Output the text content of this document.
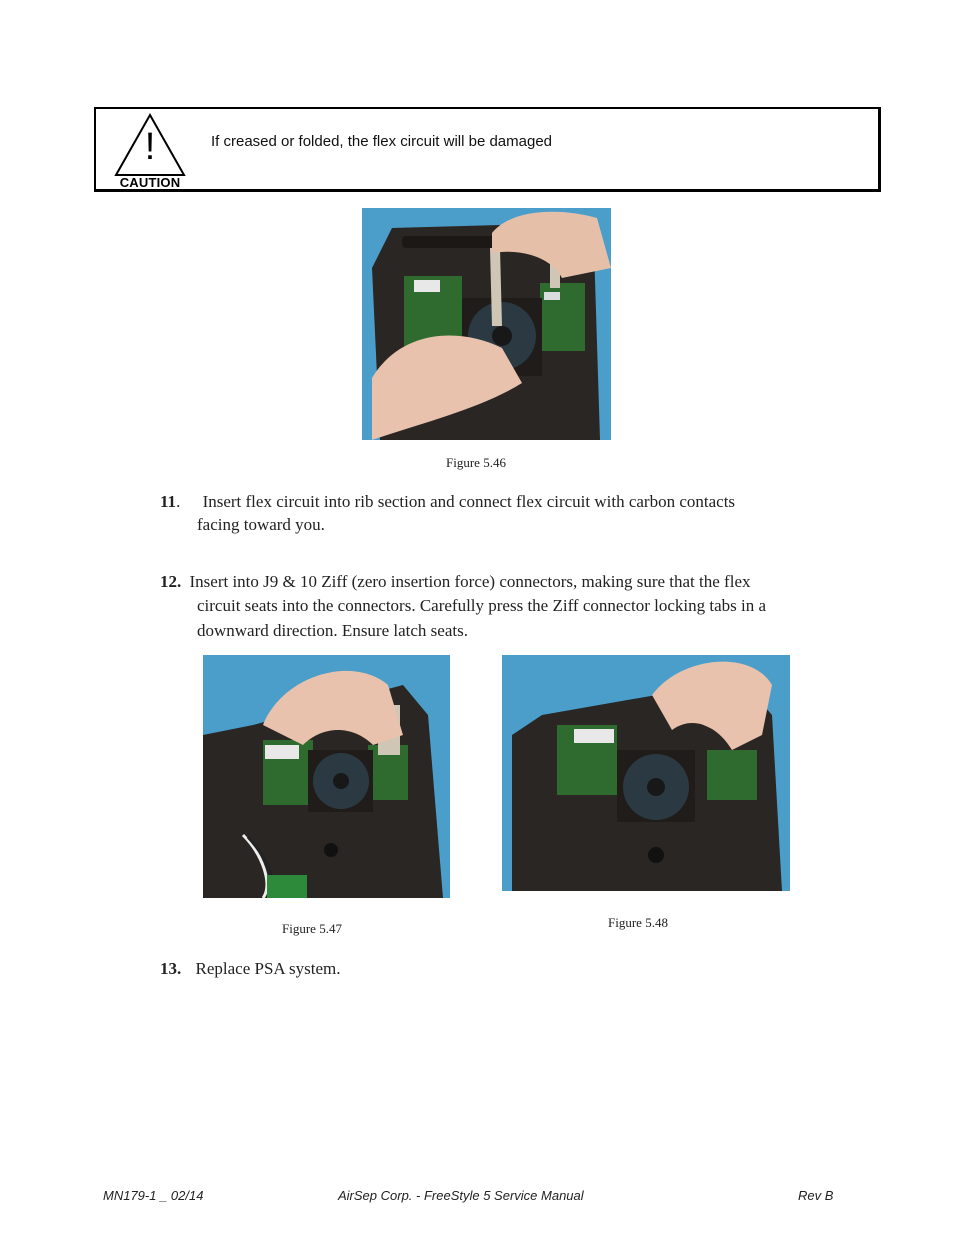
!
CAUTION
If creased or folded, the flex circuit will be damaged
Figure 5.46
11. Insert flex circuit into rib section and connect flex circuit with carbon contacts
facing toward you.
12. Insert into J9 & 10 Ziff (zero insertion force) connectors, making sure that the flex
circuit seats into the connectors. Carefully press the Ziff connector locking tabs in a
downward direction. Ensure latch seats.
Figure 5.47	Figure 5.48
13. Replace PSA system.
MN179-1 _ 02/14	AirSep Corp. - FreeStyle 5 Service Manual	Rev B
